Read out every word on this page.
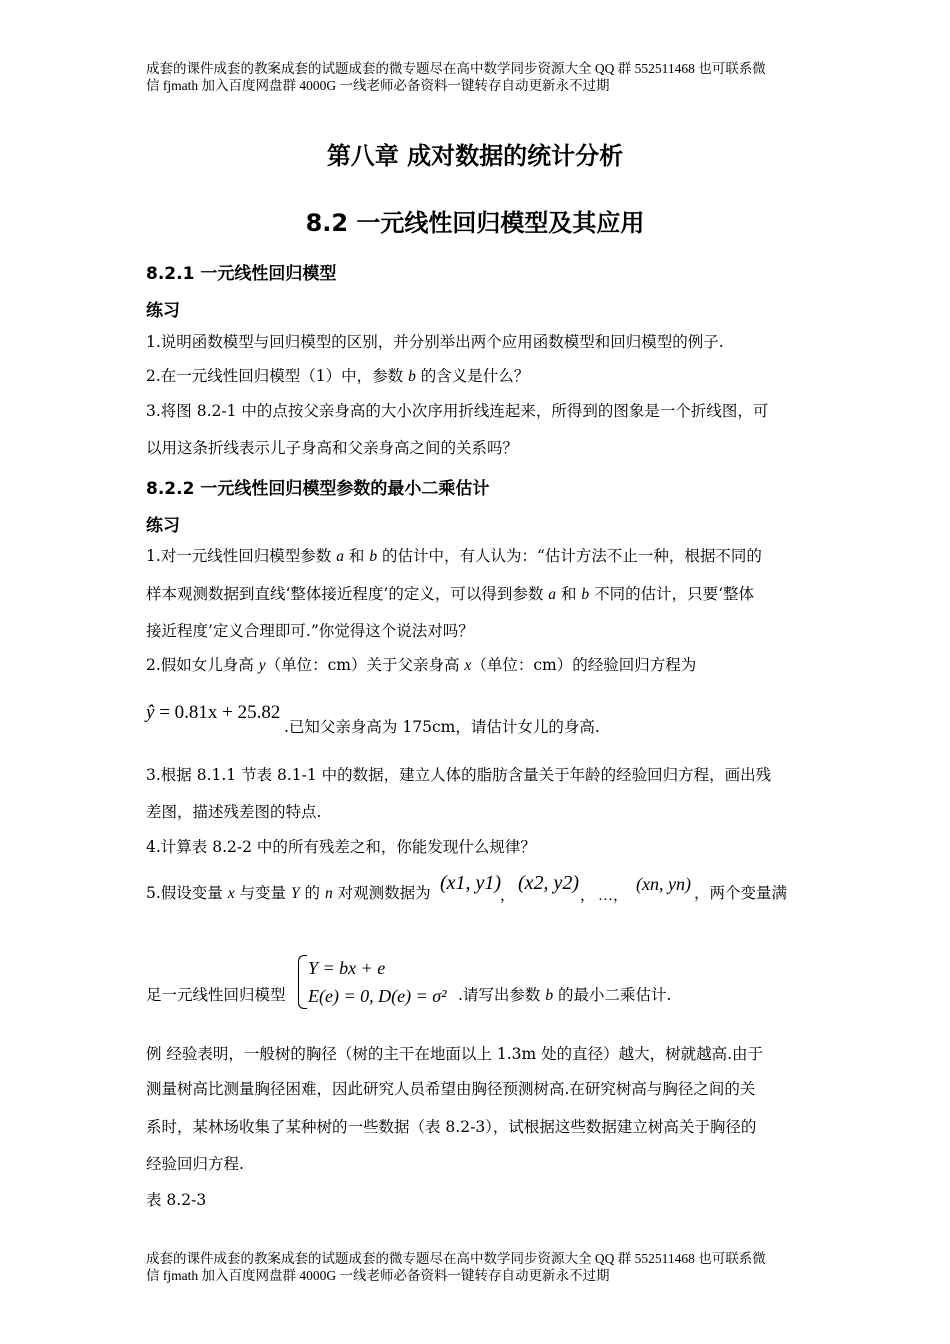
成套的课件成套的教案成套的试题成套的微专题尽在高中数学同步资源大全 QQ 群 552511468 也可联系微
信 fjmath 加入百度网盘群 4000G 一线老师必备资料一键转存自动更新永不过期
第八章 成对数据的统计分析
8.2 一元线性回归模型及其应用
8.2.1 一元线性回归模型
练习
1.说明函数模型与回归模型的区别，并分别举出两个应用函数模型和回归模型的例子.
2.在一元线性回归模型（1）中，参数 b 的含义是什么？
3.将图 8.2-1 中的点按父亲身高的大小次序用折线连起来，所得到的图象是一个折线图，可
以用这条折线表示儿子身高和父亲身高之间的关系吗？
8.2.2 一元线性回归模型参数的最小二乘估计
练习
1.对一元线性回归模型参数 a 和 b 的估计中，有人认为：“估计方法不止一种，根据不同的
样本观测数据到直线‘整体接近程度’的定义，可以得到参数 a 和 b 不同的估计，只要‘整体
接近程度’定义合理即可.”你觉得这个说法对吗？
2.假如女儿身高 y（单位：cm）关于父亲身高 x（单位：cm）的经验回归方程为
ŷ = 0.81x + 25.82
.已知父亲身高为 175cm，请估计女儿的身高.
3.根据 8.1.1 节表 8.1-1 中的数据，建立人体的脂肪含量关于年龄的经验回归方程，画出残
差图，描述残差图的特点.
4.计算表 8.2-2 中的所有残差之和，你能发现什么规律？
5.假设变量 x 与变量 Y 的 n 对观测数据为 (x1, y1)
，
(x2, y2)
， …，
(xn, yn) ，两个变量满
足一元线性回归模型
Y = bx + e
E(e) = 0, D(e) = σ² .请写出参数 b 的最小二乘估计.
例 经验表明，一般树的胸径（树的主干在地面以上 1.3m 处的直径）越大，树就越高.由于
测量树高比测量胸径困难，因此研究人员希望由胸径预测树高.在研究树高与胸径之间的关
系时，某林场收集了某种树的一些数据（表 8.2-3），试根据这些数据建立树高关于胸径的
经验回归方程.
表 8.2-3
成套的课件成套的教案成套的试题成套的微专题尽在高中数学同步资源大全 QQ 群 552511468 也可联系微
信 fjmath 加入百度网盘群 4000G 一线老师必备资料一键转存自动更新永不过期
